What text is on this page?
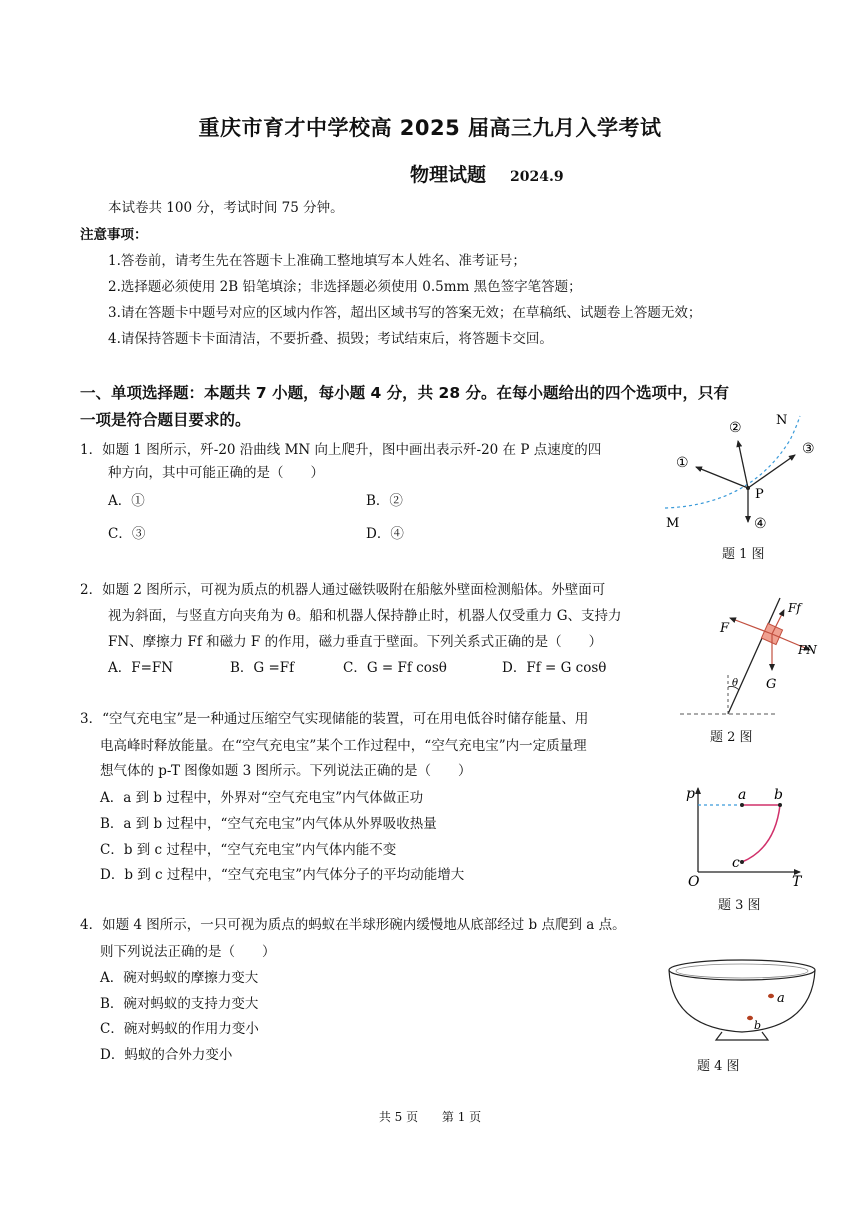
重庆市育才中学校高 2025 届高三九月入学考试
物理试题 2024.9
本试卷共 100 分，考试时间 75 分钟。
注意事项：
1.答卷前，请考生先在答题卡上准确工整地填写本人姓名、准考证号；
2.选择题必须使用 2B 铅笔填涂；非选择题必须使用 0.5mm 黑色签字笔答题；
3.请在答题卡中题号对应的区域内作答，超出区域书写的答案无效；在草稿纸、试题卷上答题无效；
4.请保持答题卡卡面清洁，不要折叠、损毁；考试结束后，将答题卡交回。
一、单项选择题：本题共 7 小题，每小题 4 分，共 28 分。在每小题给出的四个选项中，只有
一项是符合题目要求的。
1．如题 1 图所示，歼-20 沿曲线 MN 向上爬升，图中画出表示歼-20 在 P 点速度的四
种方向，其中可能正确的是（　　）
A．①	B．②
C．③	D．④
①
②
③
④
N
M
P
题 1 图
2．如题 2 图所示，可视为质点的机器人通过磁铁吸附在船舷外壁面检测船体。外壁面可
视为斜面，与竖直方向夹角为 θ。船和机器人保持静止时，机器人仅受重力 G、支持力
FN、摩擦力 Ff 和磁力 F 的作用，磁力垂直于壁面。下列关系式正确的是（　　）
A．F=FN	B．G =Ff	C．G = Ff cosθ	D．Ff = G cosθ
θ
F
Ff
FN
G
题 2 图
3．“空气充电宝”是一种通过压缩空气实现储能的装置，可在用电低谷时储存能量、用
电高峰时释放能量。在“空气充电宝”某个工作过程中，“空气充电宝”内一定质量理
想气体的 p-T 图像如题 3 图所示。下列说法正确的是（　　）
A．a 到 b 过程中，外界对“空气充电宝”内气体做正功
B．a 到 b 过程中，“空气充电宝”内气体从外界吸收热量
C．b 到 c 过程中，“空气充电宝”内气体内能不变
D．b 到 c 过程中，“空气充电宝”内气体分子的平均动能增大
p
T
O
a b
c
题 3 图
4．如题 4 图所示，一只可视为质点的蚂蚁在半球形碗内缓慢地从底部经过 b 点爬到 a 点。
则下列说法正确的是（　　）
A．碗对蚂蚁的摩擦力变大
B．碗对蚂蚁的支持力变大
C．碗对蚂蚁的作用力变小
D．蚂蚁的合外力变小
a
b
题 4 图
共 5 页 第 1 页
